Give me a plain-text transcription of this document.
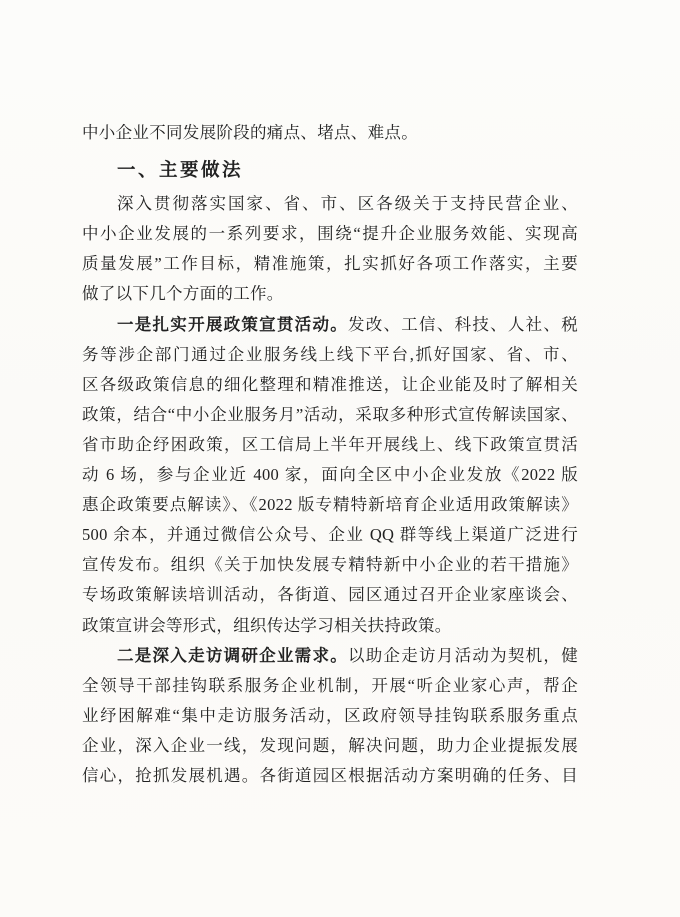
中小企业不同发展阶段的痛点、堵点、难点。
一、主要做法
深入贯彻落实国家、省、市、区各级关于支持民营企业、
中小企业发展的一系列要求，围绕“提升企业服务效能、实现高
质量发展”工作目标，精准施策，扎实抓好各项工作落实，主要
做了以下几个方面的工作。
一是扎实开展政策宣贯活动。发改、工信、科技、人社、税
务等涉企部门通过企业服务线上线下平台,抓好国家、省、市、
区各级政策信息的细化整理和精准推送，让企业能及时了解相关
政策，结合“中小企业服务月”活动，采取多种形式宣传解读国家、
省市助企纾困政策，区工信局上半年开展线上、线下政策宣贯活
动 6 场，参与企业近 400 家，面向全区中小企业发放《2022 版
惠企政策要点解读》、《2022 版专精特新培育企业适用政策解读》
500 余本，并通过微信公众号、企业 QQ 群等线上渠道广泛进行
宣传发布。组织《关于加快发展专精特新中小企业的若干措施》
专场政策解读培训活动，各街道、园区通过召开企业家座谈会、
政策宣讲会等形式，组织传达学习相关扶持政策。
二是深入走访调研企业需求。以助企走访月活动为契机，健
全领导干部挂钩联系服务企业机制，开展“听企业家心声，帮企
业纾困解难“集中走访服务活动，区政府领导挂钩联系服务重点
企业，深入企业一线，发现问题，解决问题，助力企业提振发展
信心，抢抓发展机遇。各街道园区根据活动方案明确的任务、目
